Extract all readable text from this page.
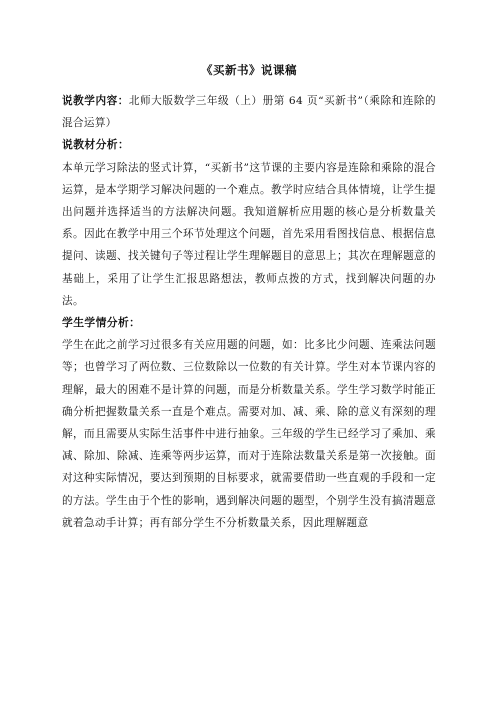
《买新书》说课稿

说教学内容：北师大版数学三年级（上）册第 64 页“买新书”（乘除和连除的混合运算）

说教材分析：

本单元学习除法的竖式计算，“买新书”这节课的主要内容是连除和乘除的混合运算，是本学期学习解决问题的一个难点。教学时应结合具体情境，让学生提出问题并选择适当的方法解决问题。我知道解析应用题的核心是分析数量关系。因此在教学中用三个环节处理这个问题，首先采用看图找信息、根据信息提问、读题、找关键句子等过程让学生理解题目的意思上；其次在理解题意的基础上，采用了让学生汇报思路想法，教师点拨的方式，找到解决问题的办法。

学生学情分析：

学生在此之前学习过很多有关应用题的问题，如：比多比少问题、连乘法问题等；也曾学习了两位数、三位数除以一位数的有关计算。学生对本节课内容的理解，最大的困难不是计算的问题，而是分析数量关系。学生学习数学时能正确分析把握数量关系一直是个难点。需要对加、减、乘、除的意义有深刻的理解，而且需要从实际生活事件中进行抽象。三年级的学生已经学习了乘加、乘减、除加、除减、连乘等两步运算，而对于连除法数量关系是第一次接触。面对这种实际情况，要达到预期的目标要求，就需要借助一些直观的手段和一定的方法。学生由于个性的影响，遇到解决问题的题型，个别学生没有搞清题意就着急动手计算；再有部分学生不分析数量关系，因此理解题意
